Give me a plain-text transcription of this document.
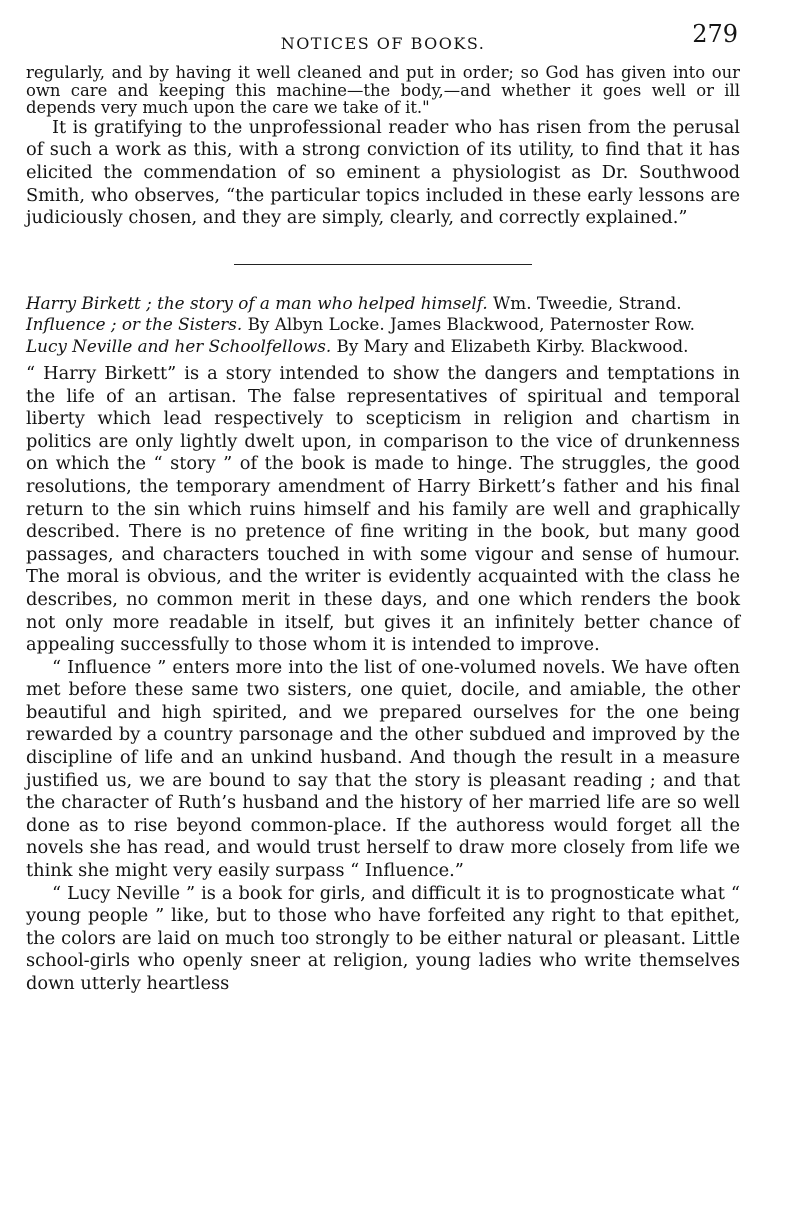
NOTICES OF BOOKS.	279

regularly, and by having it well cleaned and put in order; so God has given into our own care and keeping this machine—the body,—and whether it goes well or ill depends very much upon the care we take of it."

It is gratifying to the unprofessional reader who has risen from the perusal of such a work as this, with a strong conviction of its utility, to find that it has elicited the commendation of so eminent a physiologist as Dr. Southwood Smith, who observes, “the particular topics included in these early lessons are judiciously chosen, and they are simply, clearly, and correctly explained.”

Harry Birkett ; the story of a man who helped himself. Wm. Tweedie, Strand.

Influence ; or the Sisters. By Albyn Locke. James Blackwood, Paternoster Row.

Lucy Neville and her Schoolfellows. By Mary and Elizabeth Kirby. Blackwood.

“ Harry Birkett” is a story intended to show the dangers and temptations in the life of an artisan. The false representatives of spiritual and temporal liberty which lead respectively to scepticism in religion and chartism in politics are only lightly dwelt upon, in comparison to the vice of drunkenness on which the “ story ” of the book is made to hinge. The struggles, the good resolutions, the temporary amendment of Harry Birkett’s father and his final return to the sin which ruins himself and his family are well and graphically described. There is no pretence of fine writing in the book, but many good passages, and characters touched in with some vigour and sense of humour. The moral is obvious, and the writer is evidently acquainted with the class he describes, no common merit in these days, and one which renders the book not only more readable in itself, but gives it an infinitely better chance of appealing successfully to those whom it is intended to improve.

“ Influence ” enters more into the list of one-volumed novels. We have often met before these same two sisters, one quiet, docile, and amiable, the other beautiful and high spirited, and we prepared ourselves for the one being rewarded by a country parsonage and the other subdued and improved by the discipline of life and an unkind husband. And though the result in a measure justified us, we are bound to say that the story is pleasant reading ; and that the character of Ruth’s husband and the history of her married life are so well done as to rise beyond common-place. If the authoress would forget all the novels she has read, and would trust herself to draw more closely from life we think she might very easily surpass “ Influence.”

“ Lucy Neville ” is a book for girls, and difficult it is to prognosticate what “ young people ” like, but to those who have forfeited any right to that epithet, the colors are laid on much too strongly to be either natural or pleasant. Little school-girls who openly sneer at religion, young ladies who write themselves down utterly heartless
